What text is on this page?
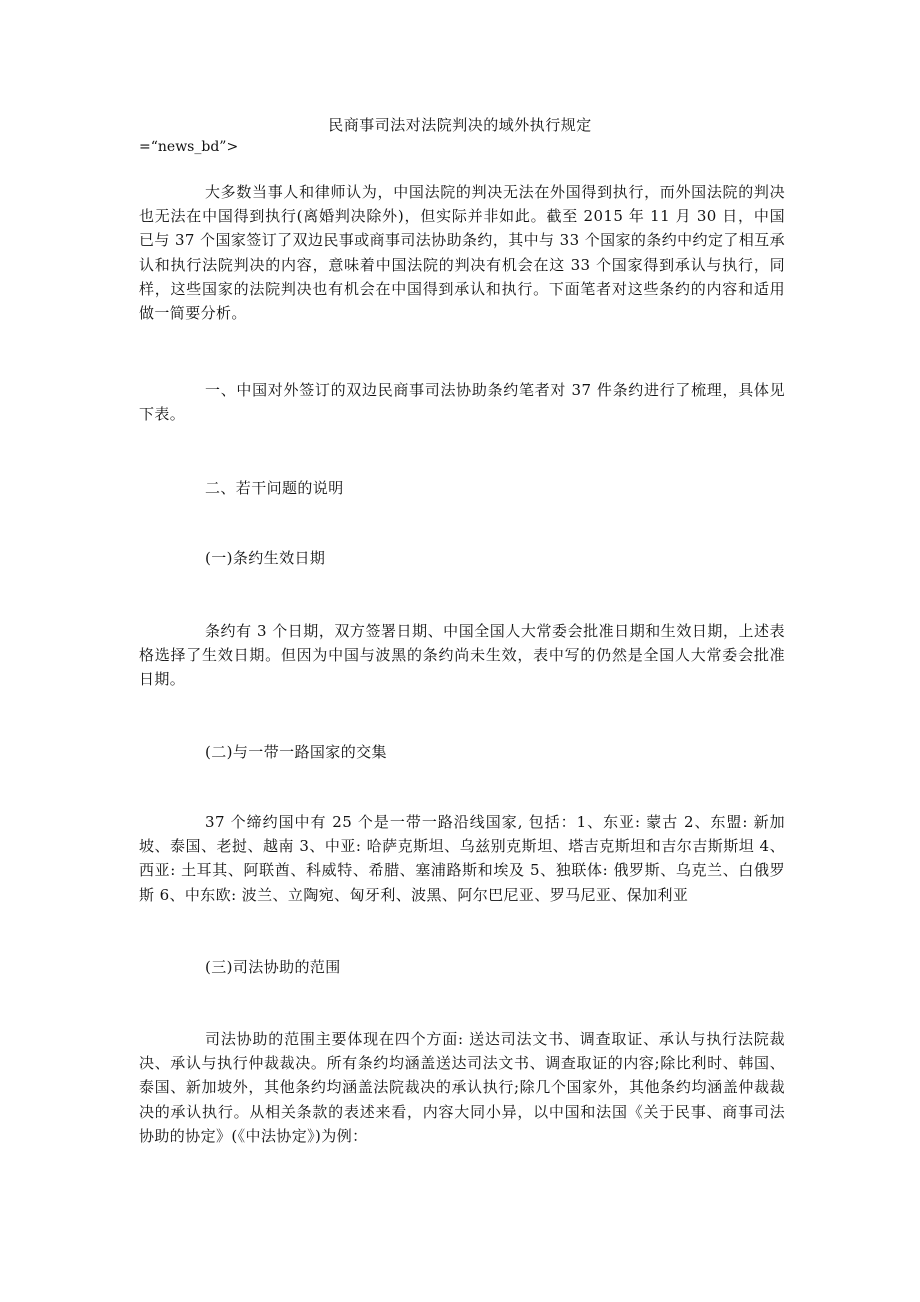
民商事司法对法院判决的域外执行规定
=“news_bd”>

大多数当事人和律师认为，中国法院的判决无法在外国得到执行，而外国法院的判决也无法在中国得到执行(离婚判决除外)，但实际并非如此。截至 2015 年 11 月 30 日，中国已与 37 个国家签订了双边民事或商事司法协助条约，其中与 33 个国家的条约中约定了相互承认和执行法院判决的内容，意味着中国法院的判决有机会在这 33 个国家得到承认与执行，同样，这些国家的法院判决也有机会在中国得到承认和执行。下面笔者对这些条约的内容和适用做一简要分析。

一、中国对外签订的双边民商事司法协助条约笔者对 37 件条约进行了梳理，具体见下表。

二、若干问题的说明

(一)条约生效日期

条约有 3 个日期，双方签署日期、中国全国人大常委会批准日期和生效日期，上述表格选择了生效日期。但因为中国与波黑的条约尚未生效，表中写的仍然是全国人大常委会批准日期。

(二)与一带一路国家的交集

37 个缔约国中有 25 个是一带一路沿线国家, 包括：1、东亚: 蒙古 2、东盟: 新加坡、泰国、老挝、越南 3、中亚: 哈萨克斯坦、乌兹别克斯坦、塔吉克斯坦和吉尔吉斯斯坦 4、西亚: 土耳其、阿联酋、科威特、希腊、塞浦路斯和埃及 5、独联体: 俄罗斯、乌克兰、白俄罗斯 6、中东欧: 波兰、立陶宛、匈牙利、波黑、阿尔巴尼亚、罗马尼亚、保加利亚

(三)司法协助的范围

司法协助的范围主要体现在四个方面: 送达司法文书、调查取证、承认与执行法院裁决、承认与执行仲裁裁决。所有条约均涵盖送达司法文书、调查取证的内容;除比利时、韩国、泰国、新加坡外，其他条约均涵盖法院裁决的承认执行;除几个国家外，其他条约均涵盖仲裁裁决的承认执行。从相关条款的表述来看，内容大同小异，以中国和法国《关于民事、商事司法协助的协定》(《中法协定》)为例：
